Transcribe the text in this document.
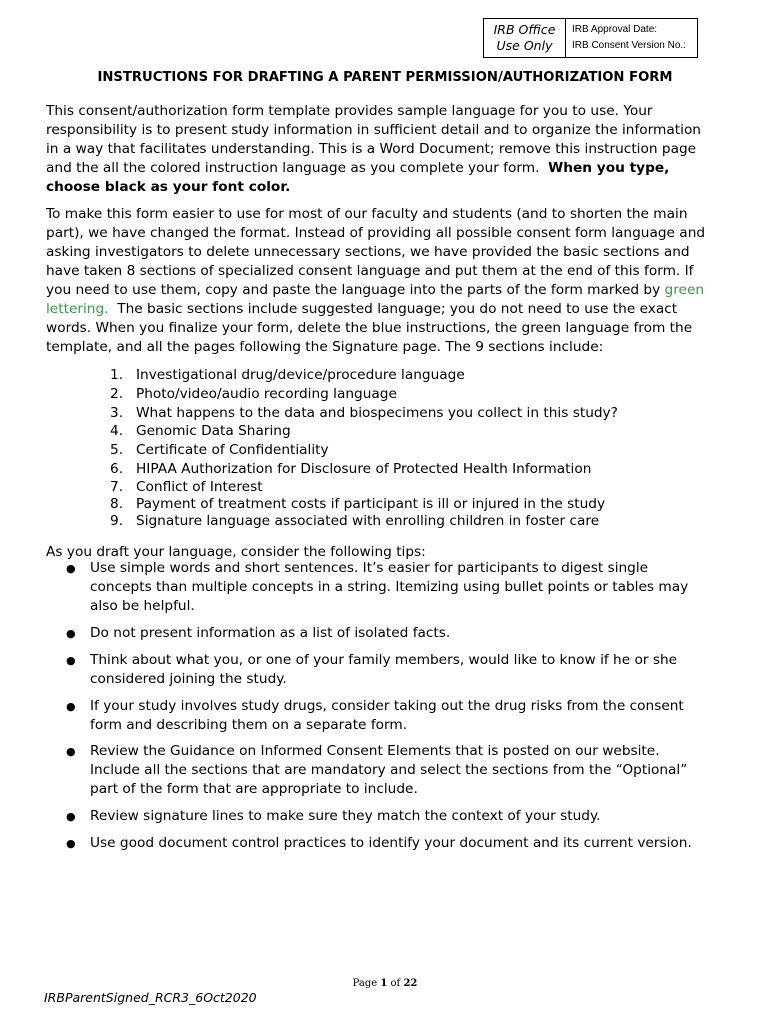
IRB Office
Use Only
IRB Approval Date:
IRB Consent Version No.:
INSTRUCTIONS FOR DRAFTING A PARENT PERMISSION/AUTHORIZATION FORM
This consent/authorization form template provides sample language for you to use. Your
responsibility is to present study information in sufficient detail and to organize the information
in a way that facilitates understanding. This is a Word Document; remove this instruction page
and the all the colored instruction language as you complete your form.  When you type,
choose black as your font color.
To make this form easier to use for most of our faculty and students (and to shorten the main
part), we have changed the format. Instead of providing all possible consent form language and
asking investigators to delete unnecessary sections, we have provided the basic sections and
have taken 8 sections of specialized consent language and put them at the end of this form. If
you need to use them, copy and paste the language into the parts of the form marked by green
lettering.  The basic sections include suggested language; you do not need to use the exact
words. When you finalize your form, delete the blue instructions, the green language from the
template, and all the pages following the Signature page. The 9 sections include:
1. Investigational drug/device/procedure language
2. Photo/video/audio recording language
3. What happens to the data and biospecimens you collect in this study?
4. Genomic Data Sharing
5. Certificate of Confidentiality
6. HIPAA Authorization for Disclosure of Protected Health Information
7. Conflict of Interest
8. Payment of treatment costs if participant is ill or injured in the study
9. Signature language associated with enrolling children in foster care
As you draft your language, consider the following tips:
●	Use simple words and short sentences. It’s easier for participants to digest single
concepts than multiple concepts in a string. Itemizing using bullet points or tables may
also be helpful.
●	Do not present information as a list of isolated facts.
●	Think about what you, or one of your family members, would like to know if he or she
considered joining the study.
●	If your study involves study drugs, consider taking out the drug risks from the consent
form and describing them on a separate form.
●	Review the Guidance on Informed Consent Elements that is posted on our website.
Include all the sections that are mandatory and select the sections from the “Optional”
part of the form that are appropriate to include.
●	Review signature lines to make sure they match the context of your study.
●	Use good document control practices to identify your document and its current version.
Page 1 of 22
IRBParentSigned_RCR3_6Oct2020
